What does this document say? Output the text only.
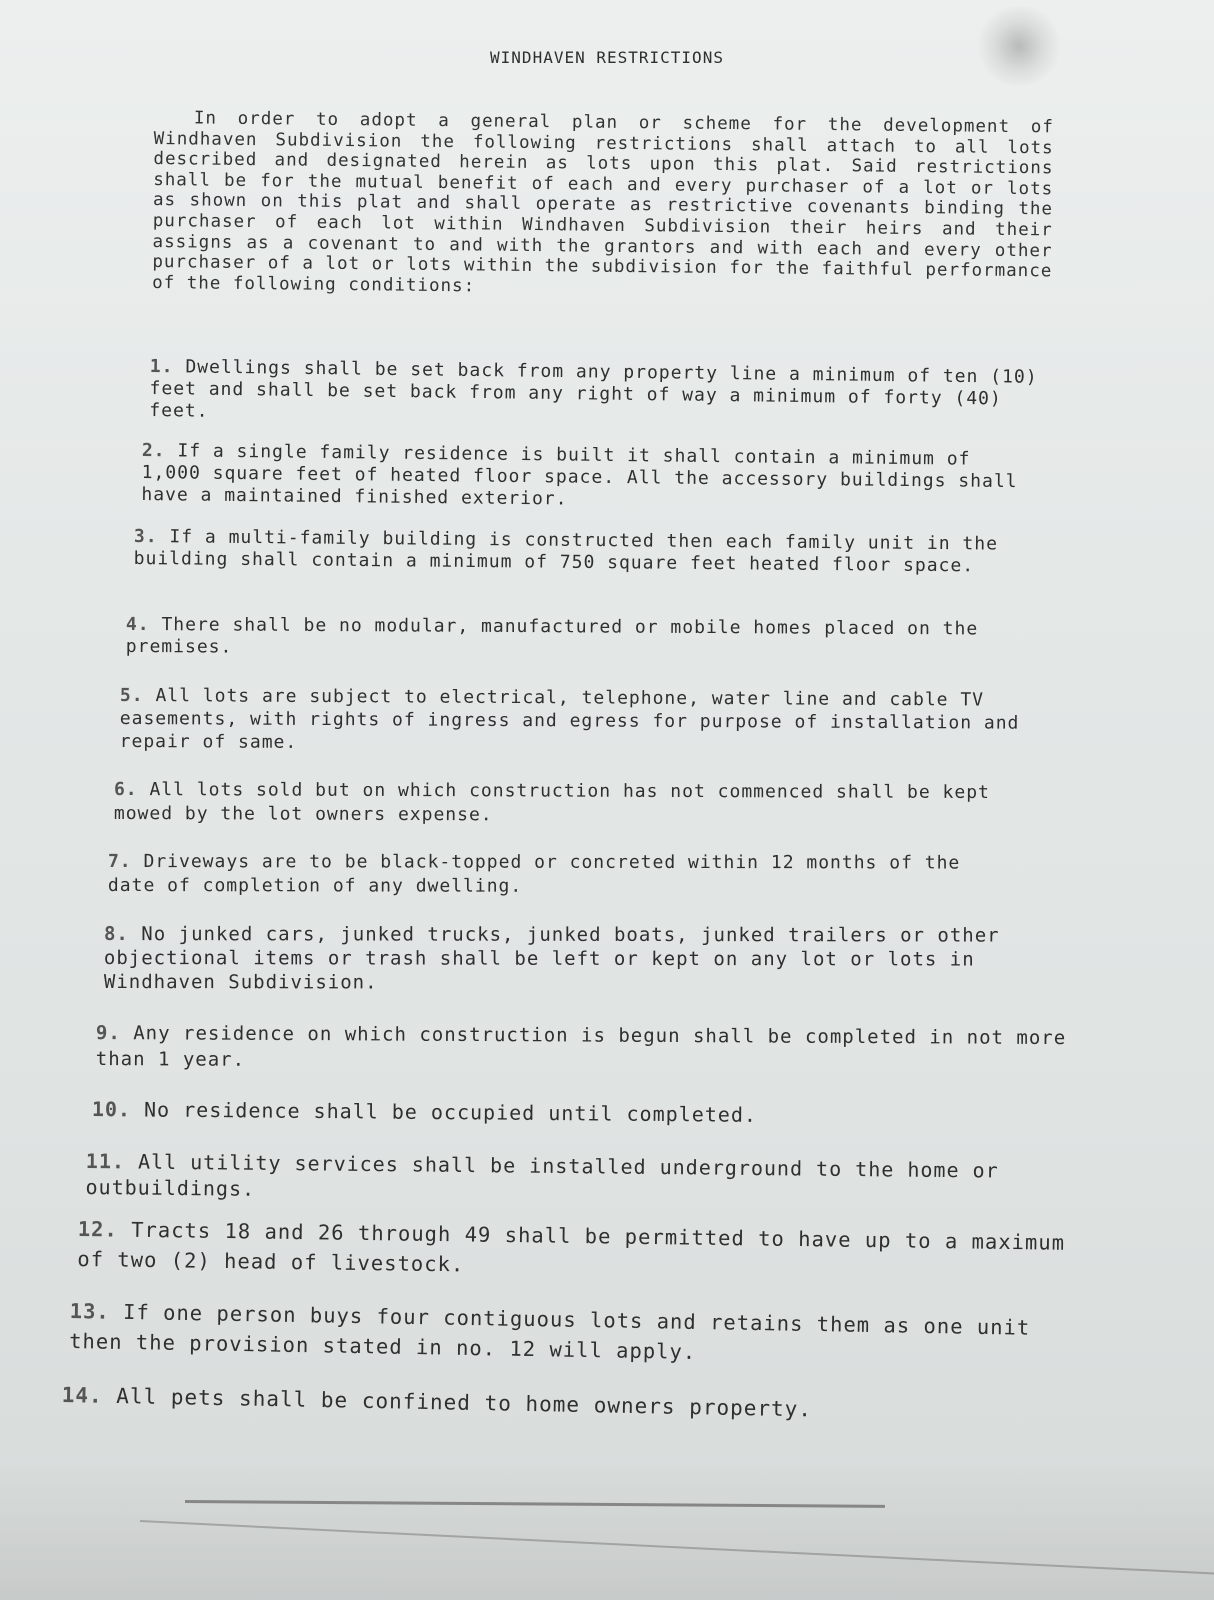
WINDHAVEN RESTRICTIONS

In order to adopt a general plan or scheme for the development of Windhaven Subdivision the following restrictions shall attach to all lots described and designated herein as lots upon this plat. Said restrictions shall be for the mutual benefit of each and every purchaser of a lot or lots as shown on this plat and shall operate as restrictive covenants binding the purchaser of each lot within Windhaven Subdivision their heirs and their assigns as a covenant to and with the grantors and with each and every other purchaser of a lot or lots within the subdivision for the faithful performance of the following conditions:

1. Dwellings shall be set back from any property line a minimum of ten (10) feet and shall be set back from any right of way a minimum of forty (40) feet.

2. If a single family residence is built it shall contain a minimum of 1,000 square feet of heated floor space. All the accessory buildings shall have a maintained finished exterior.

3. If a multi-family building is constructed then each family unit in the building shall contain a minimum of 750 square feet heated floor space.

4. There shall be no modular, manufactured or mobile homes placed on the premises.

5. All lots are subject to electrical, telephone, water line and cable TV easements, with rights of ingress and egress for purpose of installation and repair of same.

6. All lots sold but on which construction has not commenced shall be kept mowed by the lot owners expense.

7. Driveways are to be black-topped or concreted within 12 months of the date of completion of any dwelling.

8. No junked cars, junked trucks, junked boats, junked trailers or other objectional items or trash shall be left or kept on any lot or lots in Windhaven Subdivision.

9. Any residence on which construction is begun shall be completed in not more than 1 year.

10. No residence shall be occupied until completed.

11. All utility services shall be installed underground to the home or outbuildings.

12. Tracts 18 and 26 through 49 shall be permitted to have up to a maximum of two (2) head of livestock.

13. If one person buys four contiguous lots and retains them as one unit then the provision stated in no. 12 will apply.

14. All pets shall be confined to home owners property.
